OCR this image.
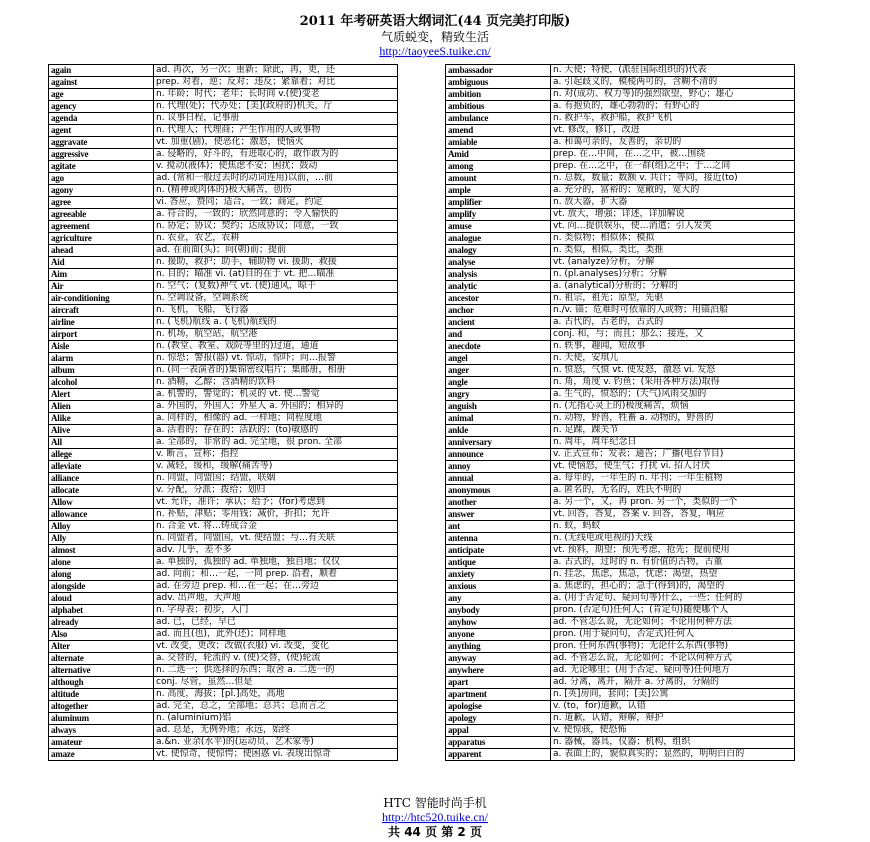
2011 年考研英语大纲词汇(44 页完美打印版)
气质蜕变，精致生活
http://taoyeeS.tuike.cn/
again	ad. 再次，另一次；重新；除此，再，更，还
against	prep. 对着，逆；反对；违反；紧靠着；对比
age	n. 年龄；时代；老年；长时间 v.(使)变老
agency	n. 代理(处)；代办处；[美](政府的)机关，厅
agenda	n. 议事日程，记事册
agent	n. 代理人；代理商；产生作用的人或事物
aggravate	vt. 加重(剧)，使恶化；激怒，使恼火
aggressive	a. 侵略的，好斗的，有进取心的，敢作敢为的
agitate	v. 搅动(液体)；使焦虑不安；困扰；鼓动
ago	ad. (常和一般过去时的动词连用)以前，…前
agony	n. (精神或肉体的)极大痛苦，创伤
agree	vi. 答应，赞同；适合，一致；商定，约定
agreeable	a. 符合的，一致的；欣然同意的；令人愉快的
agreement	n. 协定；协议；契约；达成协议；同意，一致
agriculture	n. 农业，农艺，农耕
ahead	ad. 在前面(头)；向(朝)前；提前
Aid	n. 援助，救护；助手，辅助物 vi. 援助，救援
Aim	n. 目的；瞄准 vi. (at)目的在于 vt. 把…瞄准
Air	n. 空气；(复数)神气 vt. (使)通风，晾干
air-conditioning	n. 空调设备，空调系统
aircraft	n. 飞机，飞船，飞行器
airline	n. (飞机)航线 a. (飞机)航线的
airport	n. 机场，航空站，航空港
Aisle	n. (教堂、教室、戏院等里的)过道，通道
alarm	n. 惊恐；警报(器) vt. 惊动，惊吓；向…报警
album	n. (同一表演者的)集锦密纹唱片；集邮册，相册
alcohol	n. 酒精，乙醇；含酒精的饮料
Alert	a. 机警的，警觉的；机灵的 vt. 使…警觉
Alien	a. 外国的，外国人；外星人 a. 外国的；相异的
Alike	a. 同样的，相像的 ad. 一样地；同程度地
Alive	a. 活着的；存在的；活跃的；(to)敏感的
All	a. 全部的，非常的 ad. 完全地，很 pron. 全部
allege	v. 断言，宣称；指控
alleviate	v. 减轻，缓和，缓解(痛苦等)
alliance	n. 同盟，同盟国；结盟，联姻
allocate	v. 分配，分派；拨给；划归
Allow	vt. 允许，准许；承认；给予；(for)考虑到
allowance	n. 补贴，津贴；零用钱；减价，折扣；允许
Alloy	n. 合金 vt. 将…铸成合金
Ally	n. 同盟者，同盟国，vt. 使结盟；与…有关联
almost	adv. 几乎，差不多
alone	a. 单独的，孤独的 ad. 单独地，独自地；仅仅
along	ad. 向前；和…一起，一同 prep. 沿着，顺着
alongside	ad. 在旁边 prep. 和…在一起；在…旁边
aloud	adv. 出声地，大声地
alphabet	n. 字母表；初步，入门
already	ad. 已，已经，早已
Also	ad. 而且(也)，此外(还)；同样地
Alter	vt. 改变，更改；改做(衣服) vi. 改变，变化
alternate	a. 交替的，轮流的 v. (使)交替，(使)轮流
alternative	n. 二选一；供选择的东西；取舍 a. 二选一的
although	conj. 尽管，虽然…但是
altitude	n. 高度，海拔；[pl.]高处，高地
altogether	ad. 完全，总之，全部地；总共；总而言之
aluminum	n. (aluminium)铝
always	ad. 总是，无例外地；永远，始终
amateur	a.&n. 业余(水平)的(运动员、艺术家等)
amaze	vt. 使惊奇，使惊愕；使困惑 vi. 表现出惊奇
ambassador	n. 大使；特使，(派驻国际组织的)代表
ambiguous	a. 引起歧义的，模棱两可的，含糊不清的
ambition	n. 对(成功、权力等)的强烈欲望，野心；雄心
ambitious	a. 有抱负的，雄心勃勃的；有野心的
ambulance	n. 救护车，救护船，救护飞机
amend	vt. 修改，修订，改进
amiable	a. 和蔼可亲的，友善的，亲切的
Amid	prep. 在…中间，在…之中，被…围绕
among	prep. 在…之中，在一群(组)之中；于…之间
amount	n. 总数，数量；数额 v. 共计；等同，接近(to)
ample	a. 充分的，富裕的；宽敞的，宽大的
amplifier	n. 放大器，扩大器
amplify	vt. 放大，增强；详述，详加解说
amuse	vt. 向…提供娱乐，使…消遣；引人发笑
analogue	n. 类似物；相似体；模拟
analogy	n. 类似，相似，类比，类推
analyse	vt. (analyze)分析，分解
analysis	n. (pl.analyses)分析；分解
analytic	a. (analytical)分析的；分解的
ancestor	n. 祖宗，祖先；原型，先驱
anchor	n./v. 锚；危难时可依靠的人或物；用锚泊船
ancient	a. 古代的，古老的，古式的
and	conj. 和，与；而且；那么；接连，又
anecdote	n. 轶事，趣闻，短故事
angel	n. 天使，安琪儿
anger	n. 愤怒，气愤 vt. 使发怒，激怒 vi. 发怒
angle	n. 角，角度 v. 钓鱼；(采用各种方法)取得
angry	a. 生气的，愤怒的；(天气)风雨交加的
anguish	n. (尤指心灵上的)极度痛苦，烦恼
animal	n. 动物，野兽，牲畜 a. 动物的，野兽的
ankle	n. 足踝，踝关节
anniversary	n. 周年，周年纪念日
announce	v. 正式宣布；发表；通告；广播(电台节目)
annoy	vt. 使恼怒，使生气；打扰 vi. 招人讨厌
annual	a. 每年的，一年生的 n. 年刊；一年生植物
anonymous	a. 匿名的，无名的，姓氏不明的
another	a. 另一个，又，再 pron. 另一个，类似的一个
answer	vt. 回答，答复，答案 v. 回答，答复，响应
ant	n. 蚁，蚂蚁
antenna	n. (无线电或电视的)天线
anticipate	vt. 预料，期望；预先考虑，抢先；提前使用
antique	a. 古式的，过时的 n. 有价值的古物，古董
anxiety	n. 挂念，焦虑，焦急，忧虑；渴望，热望
anxious	a. 焦虑的，担心的；急于(得到)的，渴望的
any	a. (用于否定句、疑问句等)什么，一些；任何的
anybody	pron. (否定句)任何人；(肯定句)随便哪个人
anyhow	ad. 不管怎么说，无论如何；不论用何种方法
anyone	pron. (用于疑问句，否定式)任何人
anything	pron. 任何东西(事物)；无论什么东西(事物)
anyway	ad. 不管怎么说，无论如何；不论以何种方式
anywhere	ad. 无论哪里；(用于否定、疑问等)任何地方
apart	ad. 分离，离开，隔开 a. 分离的，分隔的
apartment	n. [英]房间，套间；[美]公寓
apologise	v. (to，for)道歉，认错
apology	n. 道歉，认错，辩解，辩护
appal	v. 使惊骇，使恐怖
apparatus	n. 器械，器具，仪器；机构，组织
apparent	a. 表面上的，貌似真实的；显然的，明明白白的
HTC 智能时尚手机
http://htc520.tuike.cn/
共 44 页 第 2 页
